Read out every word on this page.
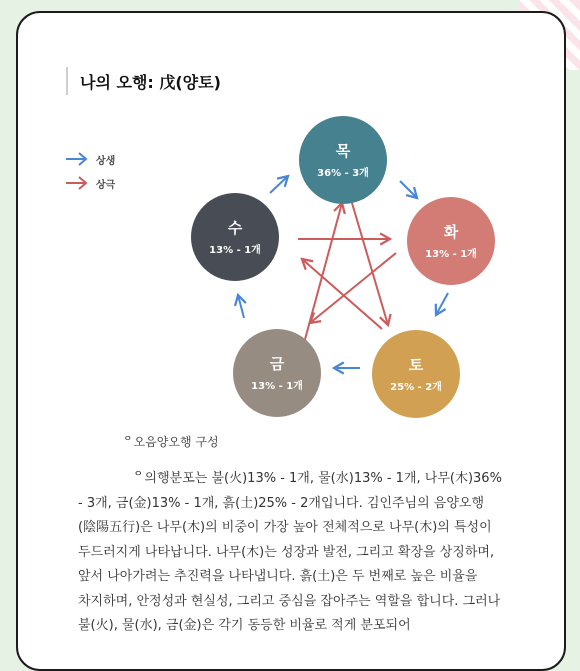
나의 오행: 戊(양토)
상생
상극
목
36% - 3개
화
13% - 1개
토
25% - 2개
금
13% - 1개
수
13% - 1개
ᄋ오음양오행 구성
ᄋ의행분포는 불(火)13% - 1개, 물(水)13% - 1개, 나무(木)36% - 3개, 금(金)13% - 1개, 흙(土)25% - 2개입니다. 김인주님의 음양오행(陰陽五行)은 나무(木)의 비중이 가장 높아 전체적으로 나무(木)의 특성이 두드러지게 나타납니다. 나무(木)는 성장과 발전, 그리고 확장을 상징하며, 앞서 나아가려는 추진력을 나타냅니다. 흙(土)은 두 번째로 높은 비율을 차지하며, 안정성과 현실성, 그리고 중심을 잡아주는 역할을 합니다. 그러나 불(火), 물(水), 금(金)은 각기 동등한 비율로 적게 분포되어
